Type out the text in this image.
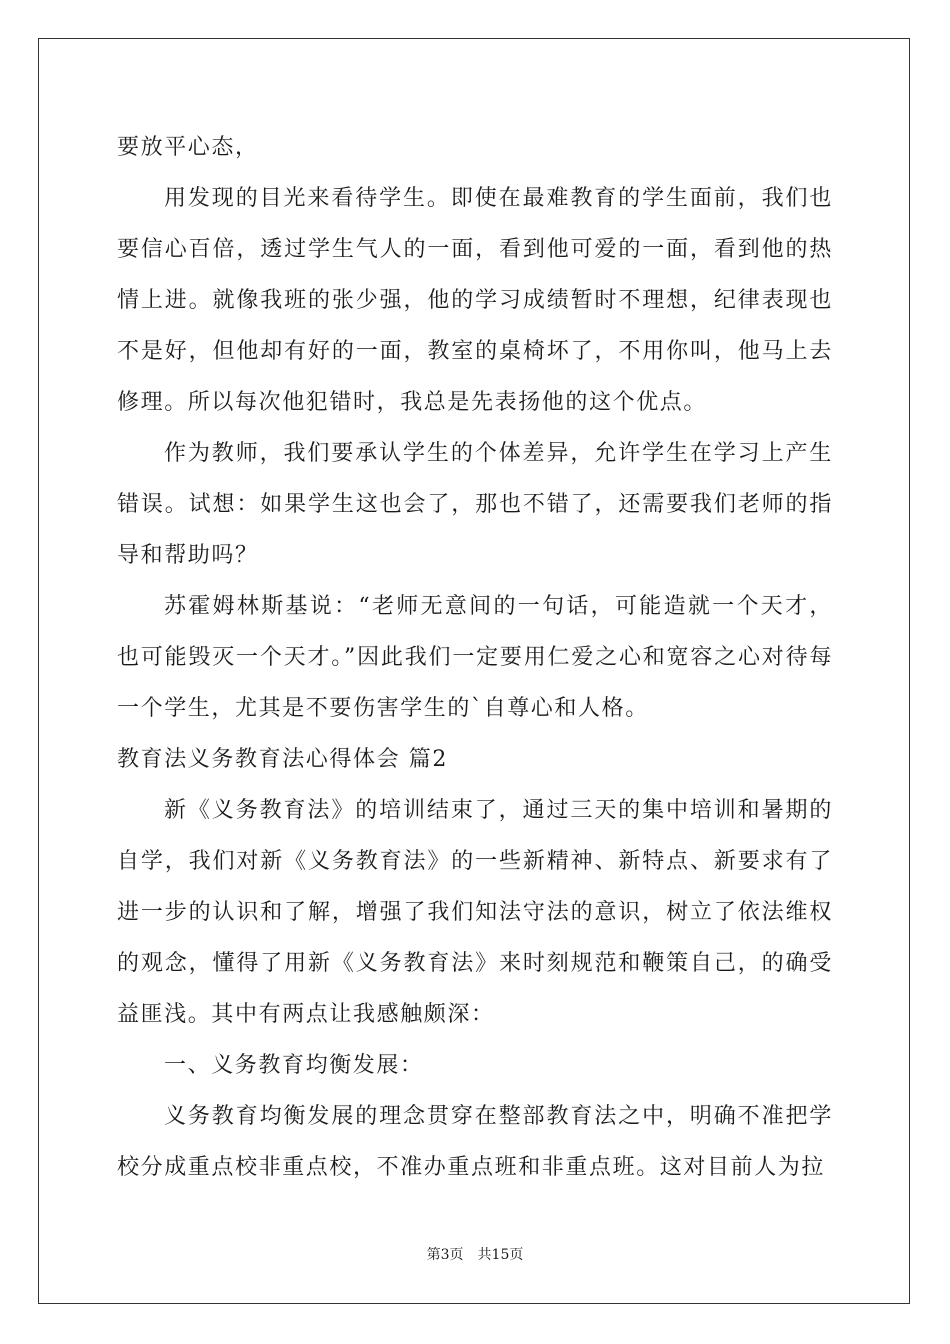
要放平心态，

用发现的目光来看待学生。即使在最难教育的学生面前，我们也要信心百倍，透过学生气人的一面，看到他可爱的一面，看到他的热情上进。就像我班的张少强，他的学习成绩暂时不理想，纪律表现也不是好，但他却有好的一面，教室的桌椅坏了，不用你叫，他马上去修理。所以每次他犯错时，我总是先表扬他的这个优点。

作为教师，我们要承认学生的个体差异，允许学生在学习上产生错误。试想：如果学生这也会了，那也不错了，还需要我们老师的指导和帮助吗？

苏霍姆林斯基说：“老师无意间的一句话，可能造就一个天才，也可能毁灭一个天才。”因此我们一定要用仁爱之心和宽容之心对待每一个学生，尤其是不要伤害学生的`自尊心和人格。

教育法义务教育法心得体会 篇2

新《义务教育法》的培训结束了，通过三天的集中培训和暑期的自学，我们对新《义务教育法》的一些新精神、新特点、新要求有了进一步的认识和了解，增强了我们知法守法的意识，树立了依法维权的观念，懂得了用新《义务教育法》来时刻规范和鞭策自己，的确受益匪浅。其中有两点让我感触颇深：

一、义务教育均衡发展：

义务教育均衡发展的理念贯穿在整部教育法之中，明确不准把学校分成重点校非重点校，不准办重点班和非重点班。这对目前人为拉

第3页 共15页
